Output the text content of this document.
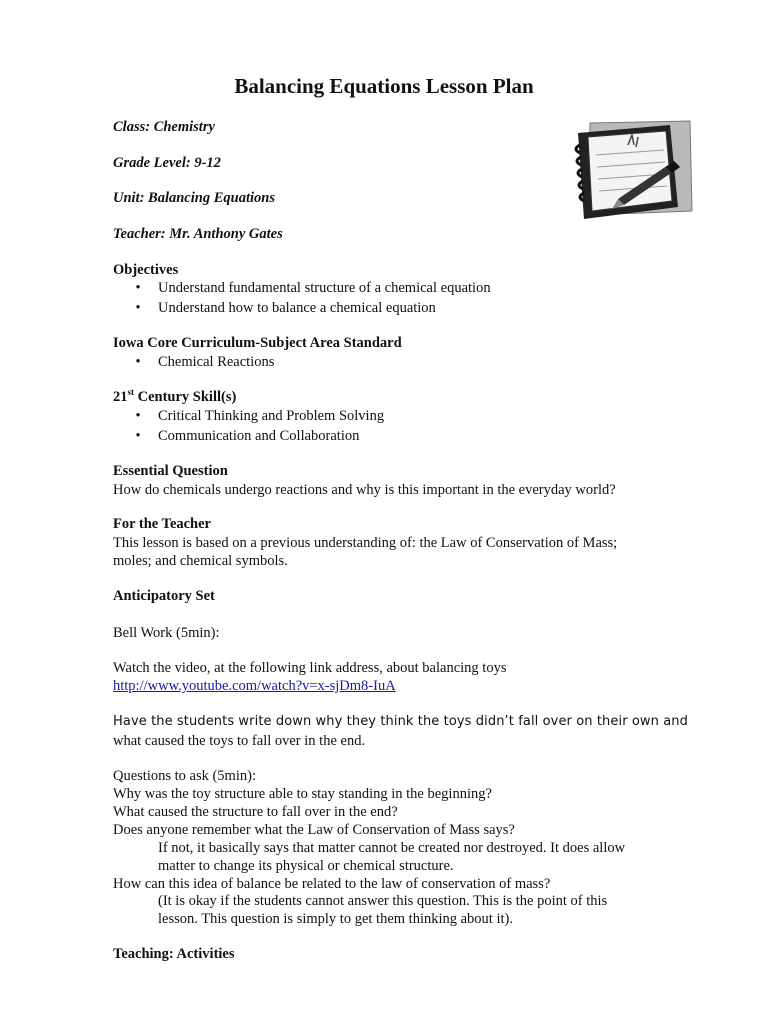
Balancing Equations Lesson Plan

Class: Chemistry

Grade Level: 9-12

Unit: Balancing Equations

Teacher: Mr. Anthony Gates

Objectives

• Understand fundamental structure of a chemical equation
• Understand how to balance a chemical equation

Iowa Core Curriculum-Subject Area Standard

• Chemical Reactions

21st Century Skill(s)

• Critical Thinking and Problem Solving
• Communication and Collaboration

Essential Question

How do chemicals undergo reactions and why is this important in the everyday world?

For the Teacher

This lesson is based on a previous understanding of: the Law of Conservation of Mass;

moles; and chemical symbols.

Anticipatory Set

Bell Work (5min):

Watch the video, at the following link address, about balancing toys

http://www.youtube.com/watch?v=x-sjDm8-IuA

Have the students write down why they think the toys didn’t fall over on their own and

what caused the toys to fall over in the end.

Questions to ask (5min):

Why was the toy structure able to stay standing in the beginning?

What caused the structure to fall over in the end?

Does anyone remember what the Law of Conservation of Mass says?

If not, it basically says that matter cannot be created nor destroyed. It does allow

matter to change its physical or chemical structure.

How can this idea of balance be related to the law of conservation of mass?

(It is okay if the students cannot answer this question. This is the point of this

lesson. This question is simply to get them thinking about it).

Teaching: Activities
